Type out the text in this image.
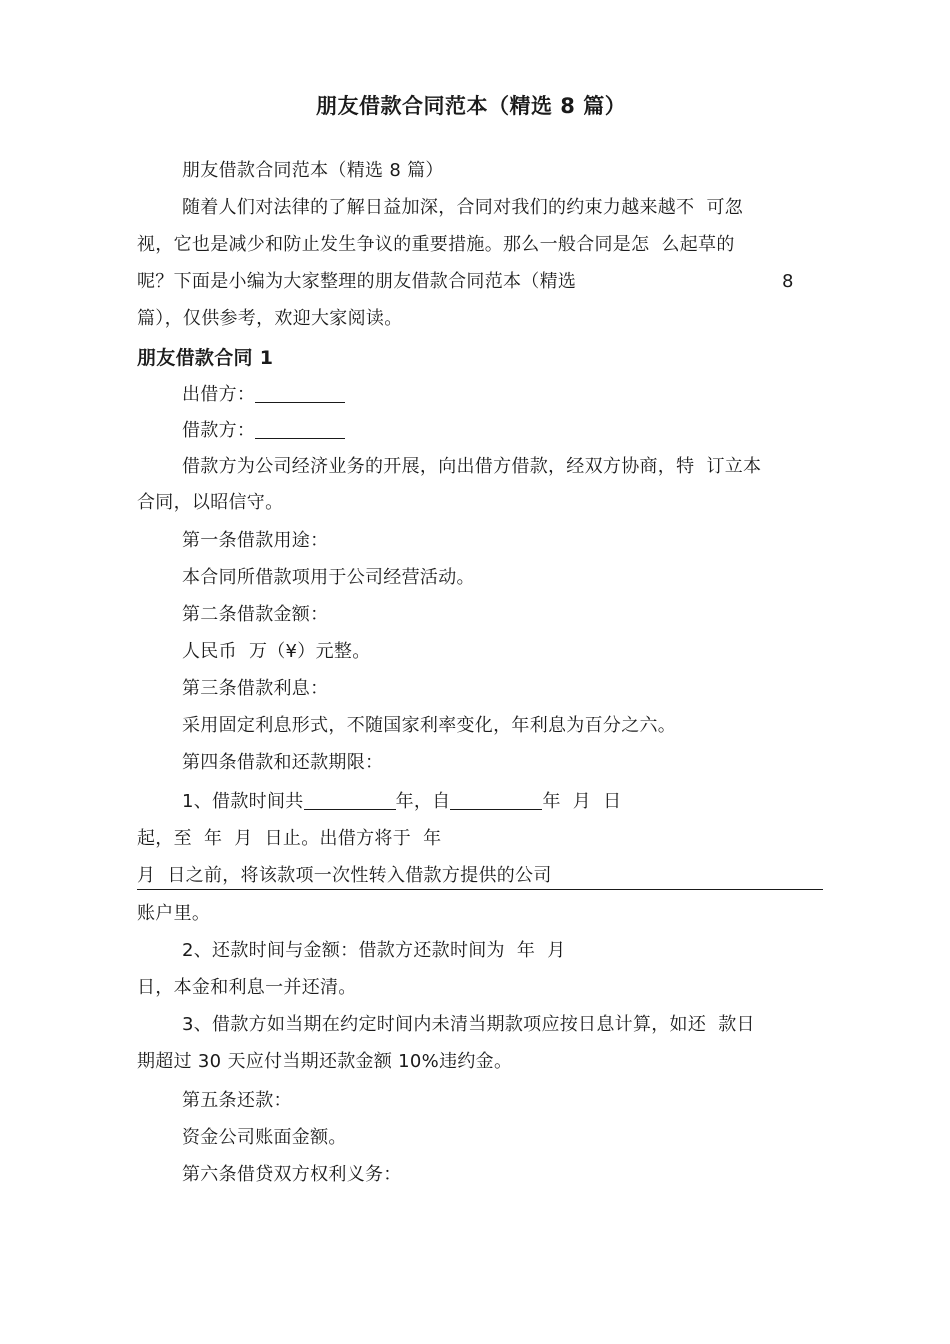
朋友借款合同范本（精选 8 篇）
朋友借款合同范本（精选 8 篇）
随着人们对法律的了解日益加深，合同对我们的约束力越来越不  可忽
视，它也是减少和防止发生争议的重要措施。那么一般合同是怎  么起草的
呢？下面是小编为大家整理的朋友借款合同范本（精选	8
篇），仅供参考，欢迎大家阅读。
朋友借款合同 1
出借方：
借款方：
借款方为公司经济业务的开展，向出借方借款，经双方协商，特  订立本
合同，以昭信守。
第一条借款用途：
本合同所借款项用于公司经营活动。
第二条借款金额：
人民币  万（¥）元整。
第三条借款利息：
采用固定利息形式，不随国家利率变化，年利息为百分之六。
第四条借款和还款期限：
1、借款时间共	年，自	年  月  日
起，至  年  月  日止。出借方将于  年
月  日之前，将该款项一次性转入借款方提供的公司
账户里。
2、还款时间与金额：借款方还款时间为  年  月
日，本金和利息一并还清。
3、借款方如当期在约定时间内未清当期款项应按日息计算，如还  款日
期超过 30 天应付当期还款金额 10%违约金。
第五条还款：
资金公司账面金额。
第六条借贷双方权利义务：
